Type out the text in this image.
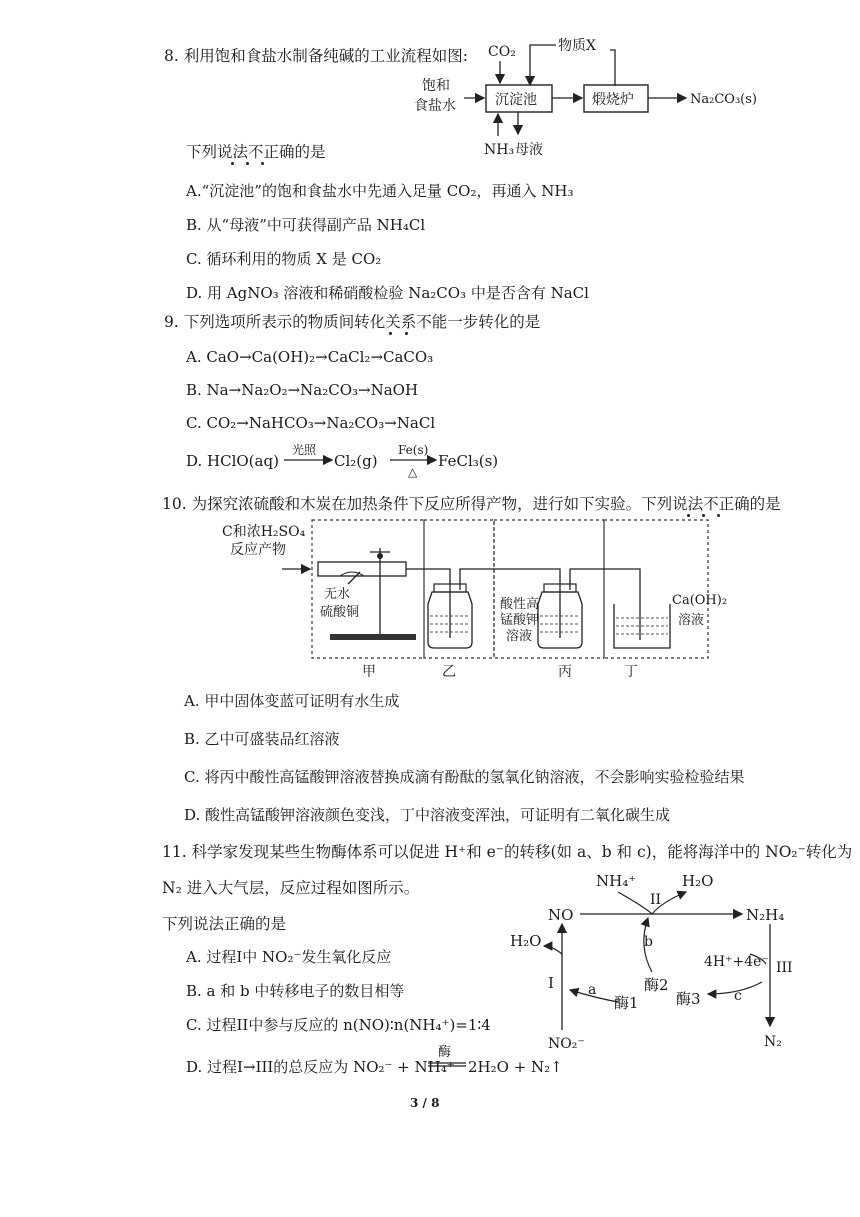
8. 利用饱和食盐水制备纯碱的工业流程如图: CO₂	物质X
饱和
食盐水	沉淀池	煅烧炉	Na₂CO₃(s)
NH₃ 母液
下列说法不正确的是
A.“沉淀池”的饱和食盐水中先通入足量 CO₂，再通入 NH₃
B. 从“母液”中可获得副产品 NH₄Cl
C. 循环利用的物质 X 是 CO₂
D. 用 AgNO₃ 溶液和稀硝酸检验 Na₂CO₃ 中是否含有 NaCl
9. 下列选项所表示的物质间转化关系不能一步转化的是
A. CaO→Ca(OH)₂→CaCl₂→CaCO₃
B. Na→Na₂O₂→Na₂CO₃→NaOH
C. CO₂→NaHCO₃→Na₂CO₃→NaCl
D. HClO(aq)
光照
Cl₂(g)
Fe(s)
△
FeCl₃(s)
10. 为探究浓硫酸和木炭在加热条件下反应所得产物，进行如下实验。下列说法不正确的是
C和浓H₂SO₄
反应产物
无水
硫酸铜
酸性高
锰酸钾
溶液
Ca(OH)₂
溶液
甲	乙	丙	丁
A. 甲中固体变蓝可证明有水生成
B. 乙中可盛装品红溶液
C. 将丙中酸性高锰酸钾溶液替换成滴有酚酞的氢氧化钠溶液，不会影响实验检验结果
D. 酸性高锰酸钾溶液颜色变浅，丁中溶液变浑浊，可证明有二氧化碳生成
11. 科学家发现某些生物酶体系可以促进 H⁺和 e⁻的转移(如 a、b 和 c)，能将海洋中的 NO₂⁻转化为
N₂ 进入大气层，反应过程如图所示。
下列说法正确的是
NH₄⁺	H₂O
NO	N₂H₄
II
b
酶2
H₂O
I a
酶1
NO₂⁻
4H⁺+4e⁻ III
c
酶3
N₂
A. 过程I中 NO₂⁻发生氧化反应
B. a 和 b 中转移电子的数目相等
C. 过程II中参与反应的 n(NO)∶n(NH₄⁺)=1∶4
D. 过程I→III的总反应为 NO₂⁻ + NH₄⁺
酶
2H₂O + N₂↑
3 / 8
